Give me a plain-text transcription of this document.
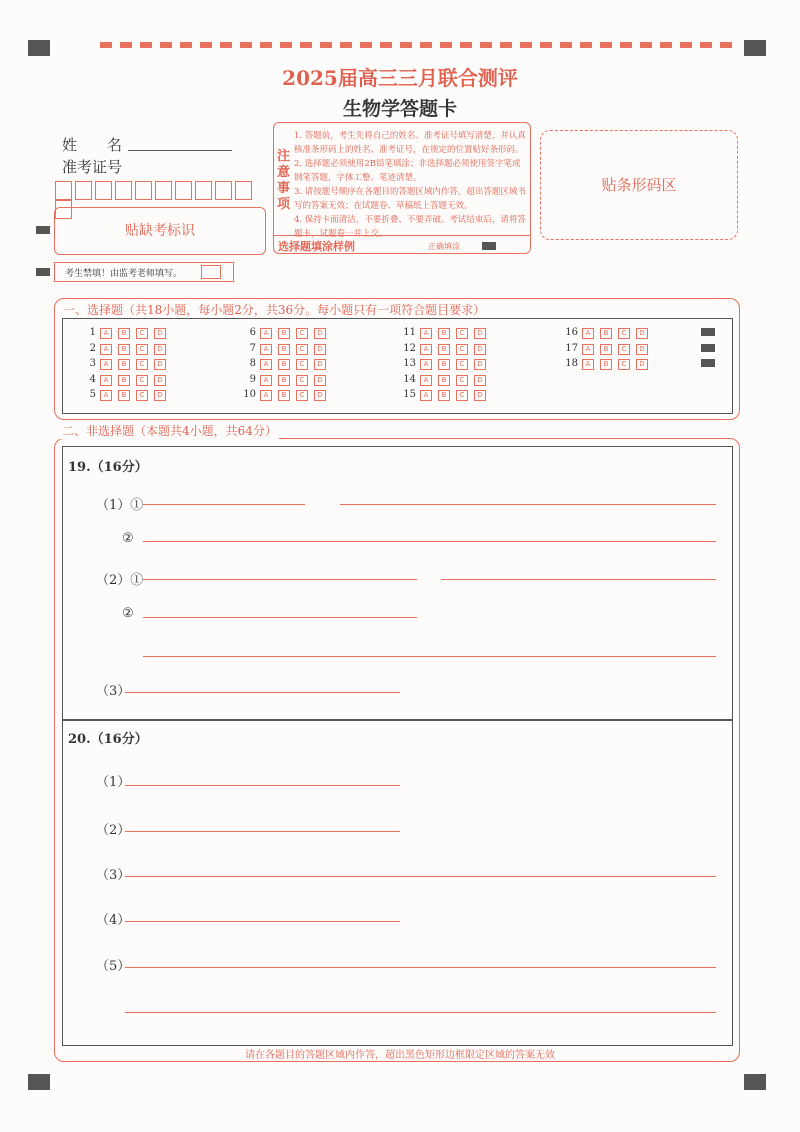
2025届高三三月联合测评
生物学答题卡
姓　　名
准考证号
贴缺考标识
考生禁填！由监考老师填写。
注意事项
1. 答题前，考生先将自己的姓名、准考证号填写清楚，并认真核准条形码上的姓名、准考证号，在规定的位置贴好条形码。
2. 选择题必须使用2B铅笔填涂；非选择题必须使用签字笔或钢笔答题，字体工整、笔迹清楚。
3. 请按题号顺序在各题目的答题区域内作答，超出答题区域书写的答案无效；在试题卷、草稿纸上答题无效。
4. 保持卡面清洁，不要折叠、不要弄破。考试结束后，请将答题卡，试题卷一并上交。
选择题填涂样例	正确填涂
贴条形码区
一、选择题（共18小题，每小题2分，共36分。每小题只有一项符合题目要求）
1 A B C D
2 A B C D
3 A B C D
4 A B C D
5 A B C D
6 A B C D
7 A B C D
8 A B C D
9 A B C D
10 A B C D
11 A B C D
12 A B C D
13 A B C D
14 A B C D
15 A B C D
16 A B C D
17 A B C D
18 A B C D
二、非选择题（本题共4小题，共64分）
19.（16分）
（1）①
②
（2）①
②
（3）
20.（16分）
（1）
（2）
（3）
（4）
（5）
请在各题目的答题区域内作答，超出黑色矩形边框限定区域的答案无效
